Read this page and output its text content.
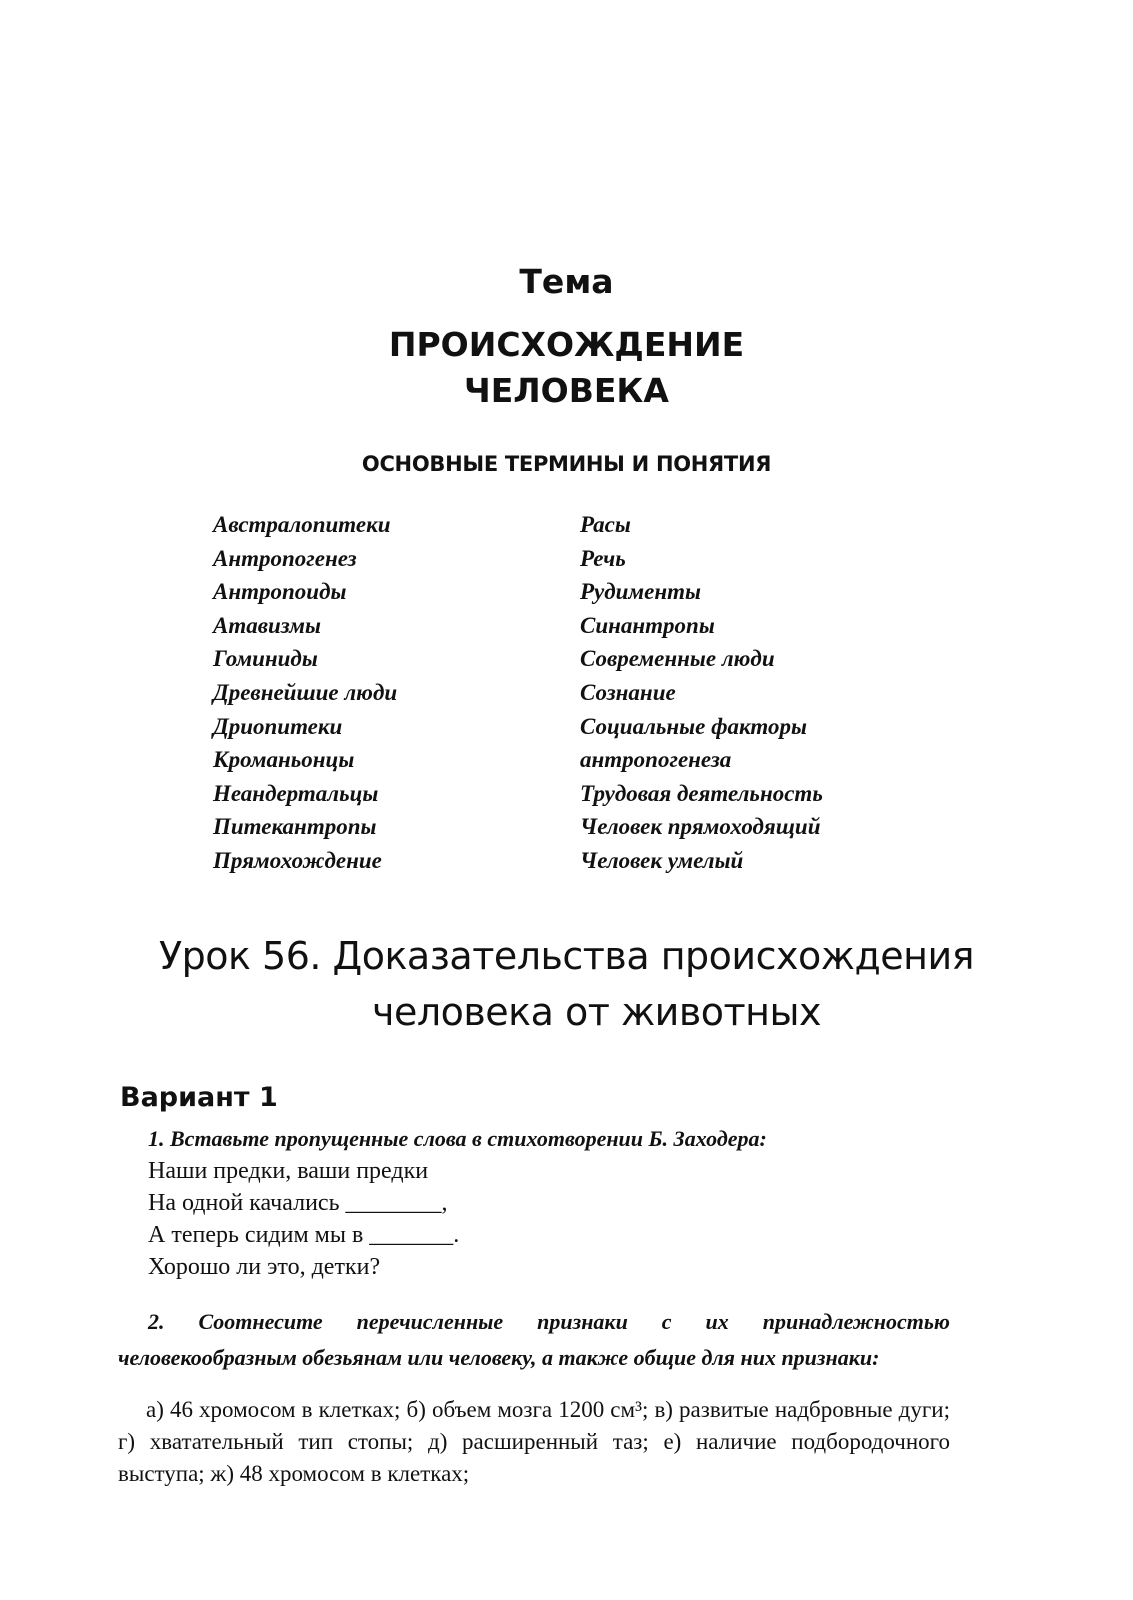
Тема
ПРОИСХОЖДЕНИЕ
ЧЕЛОВЕКА
ОСНОВНЫЕ ТЕРМИНЫ И ПОНЯТИЯ
Австралопитеки
Антропогенез
Антропоиды
Атавизмы
Гоминиды
Древнейшие люди
Дриопитеки
Кроманьонцы
Неандертальцы
Питекантропы
Прямохождение
Расы
Речь
Рудименты
Синантропы
Современные люди
Сознание
Социальные факторы
антропогенеза
Трудовая деятельность
Человек прямоходящий
Человек умелый
Урок 56. Доказательства происхождения
человека от животных
Вариант 1
1. Вставьте пропущенные слова в стихотворении Б. Заходера:
Наши предки, ваши предки
На одной качались ________,
А теперь сидим мы в _______.
Хорошо ли это, детки?
2. Соотнесите перечисленные признаки с их принадлежностью человекообразным обезьянам или человеку, а также общие для них признаки:
а) 46 хромосом в клетках; б) объем мозга 1200 см³; в) развитые надбровные дуги; г) хватательный тип стопы; д) расширенный таз; е) наличие подбородочного выступа; ж) 48 хромосом в клетках;
